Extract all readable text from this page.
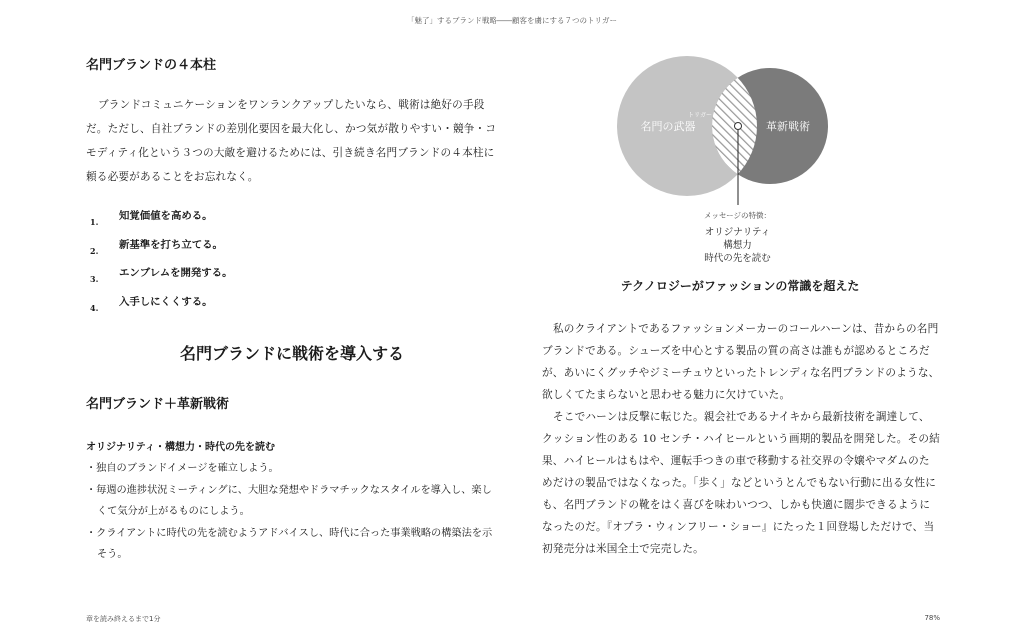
「魅了」するブランド戦略――顧客を虜にする７つのトリガー
名門ブランドの４本柱
ブランドコミュニケーションをワンランクアップしたいなら、戦術は絶好の手段だ。ただし、自社ブランドの差別化要因を最大化し、かつ気が散りやすい・競争・コモディティ化という３つの大敵を避けるためには、引き続き名門ブランドの４本柱に頼る必要があることをお忘れなく。
1. 知覚価値を高める。
2. 新基準を打ち立てる。
3. エンブレムを開発する。
4. 入手しにくくする。
名門ブランドに戦術を導入する
名門ブランド＋革新戦術
オリジナリティ・構想力・時代の先を読む
・独自のブランドイメージを確立しよう。
・毎週の進捗状況ミーティングに、大胆な発想やドラマチックなスタイルを導入し、楽しくて気分が上がるものにしよう。
・クライアントに時代の先を読むようアドバイスし、時代に合った事業戦略の構築法を示そう。
トリガー
名門の武器	革新戦術
メッセージの特徴：
オリジナリティ
構想力
時代の先を読む
テクノロジーがファッションの常識を超えた

私のクライアントであるファッションメーカーのコールハーンは、昔からの名門ブランドである。シューズを中心とする製品の質の高さは誰もが認めるところだが、あいにくグッチやジミーチュウといったトレンディな名門ブランドのような、欲しくてたまらないと思わせる魅力に欠けていた。

そこでハーンは反撃に転じた。親会社であるナイキから最新技術を調達して、クッション性のある 10 センチ・ハイヒールという画期的製品を開発した。その結果、ハイヒールはもはや、運転手つきの車で移動する社交界の令嬢やマダムのためだけの製品ではなくなった。「歩く」などというとんでもない行動に出る女性にも、名門ブランドの靴をはく喜びを味わいつつ、しかも快適に闊歩できるようになったのだ。『オプラ・ウィンフリー・ショー』にたった１回登場しただけで、当初発売分は米国全土で完売した。

章を読み終えるまで1分	78%
